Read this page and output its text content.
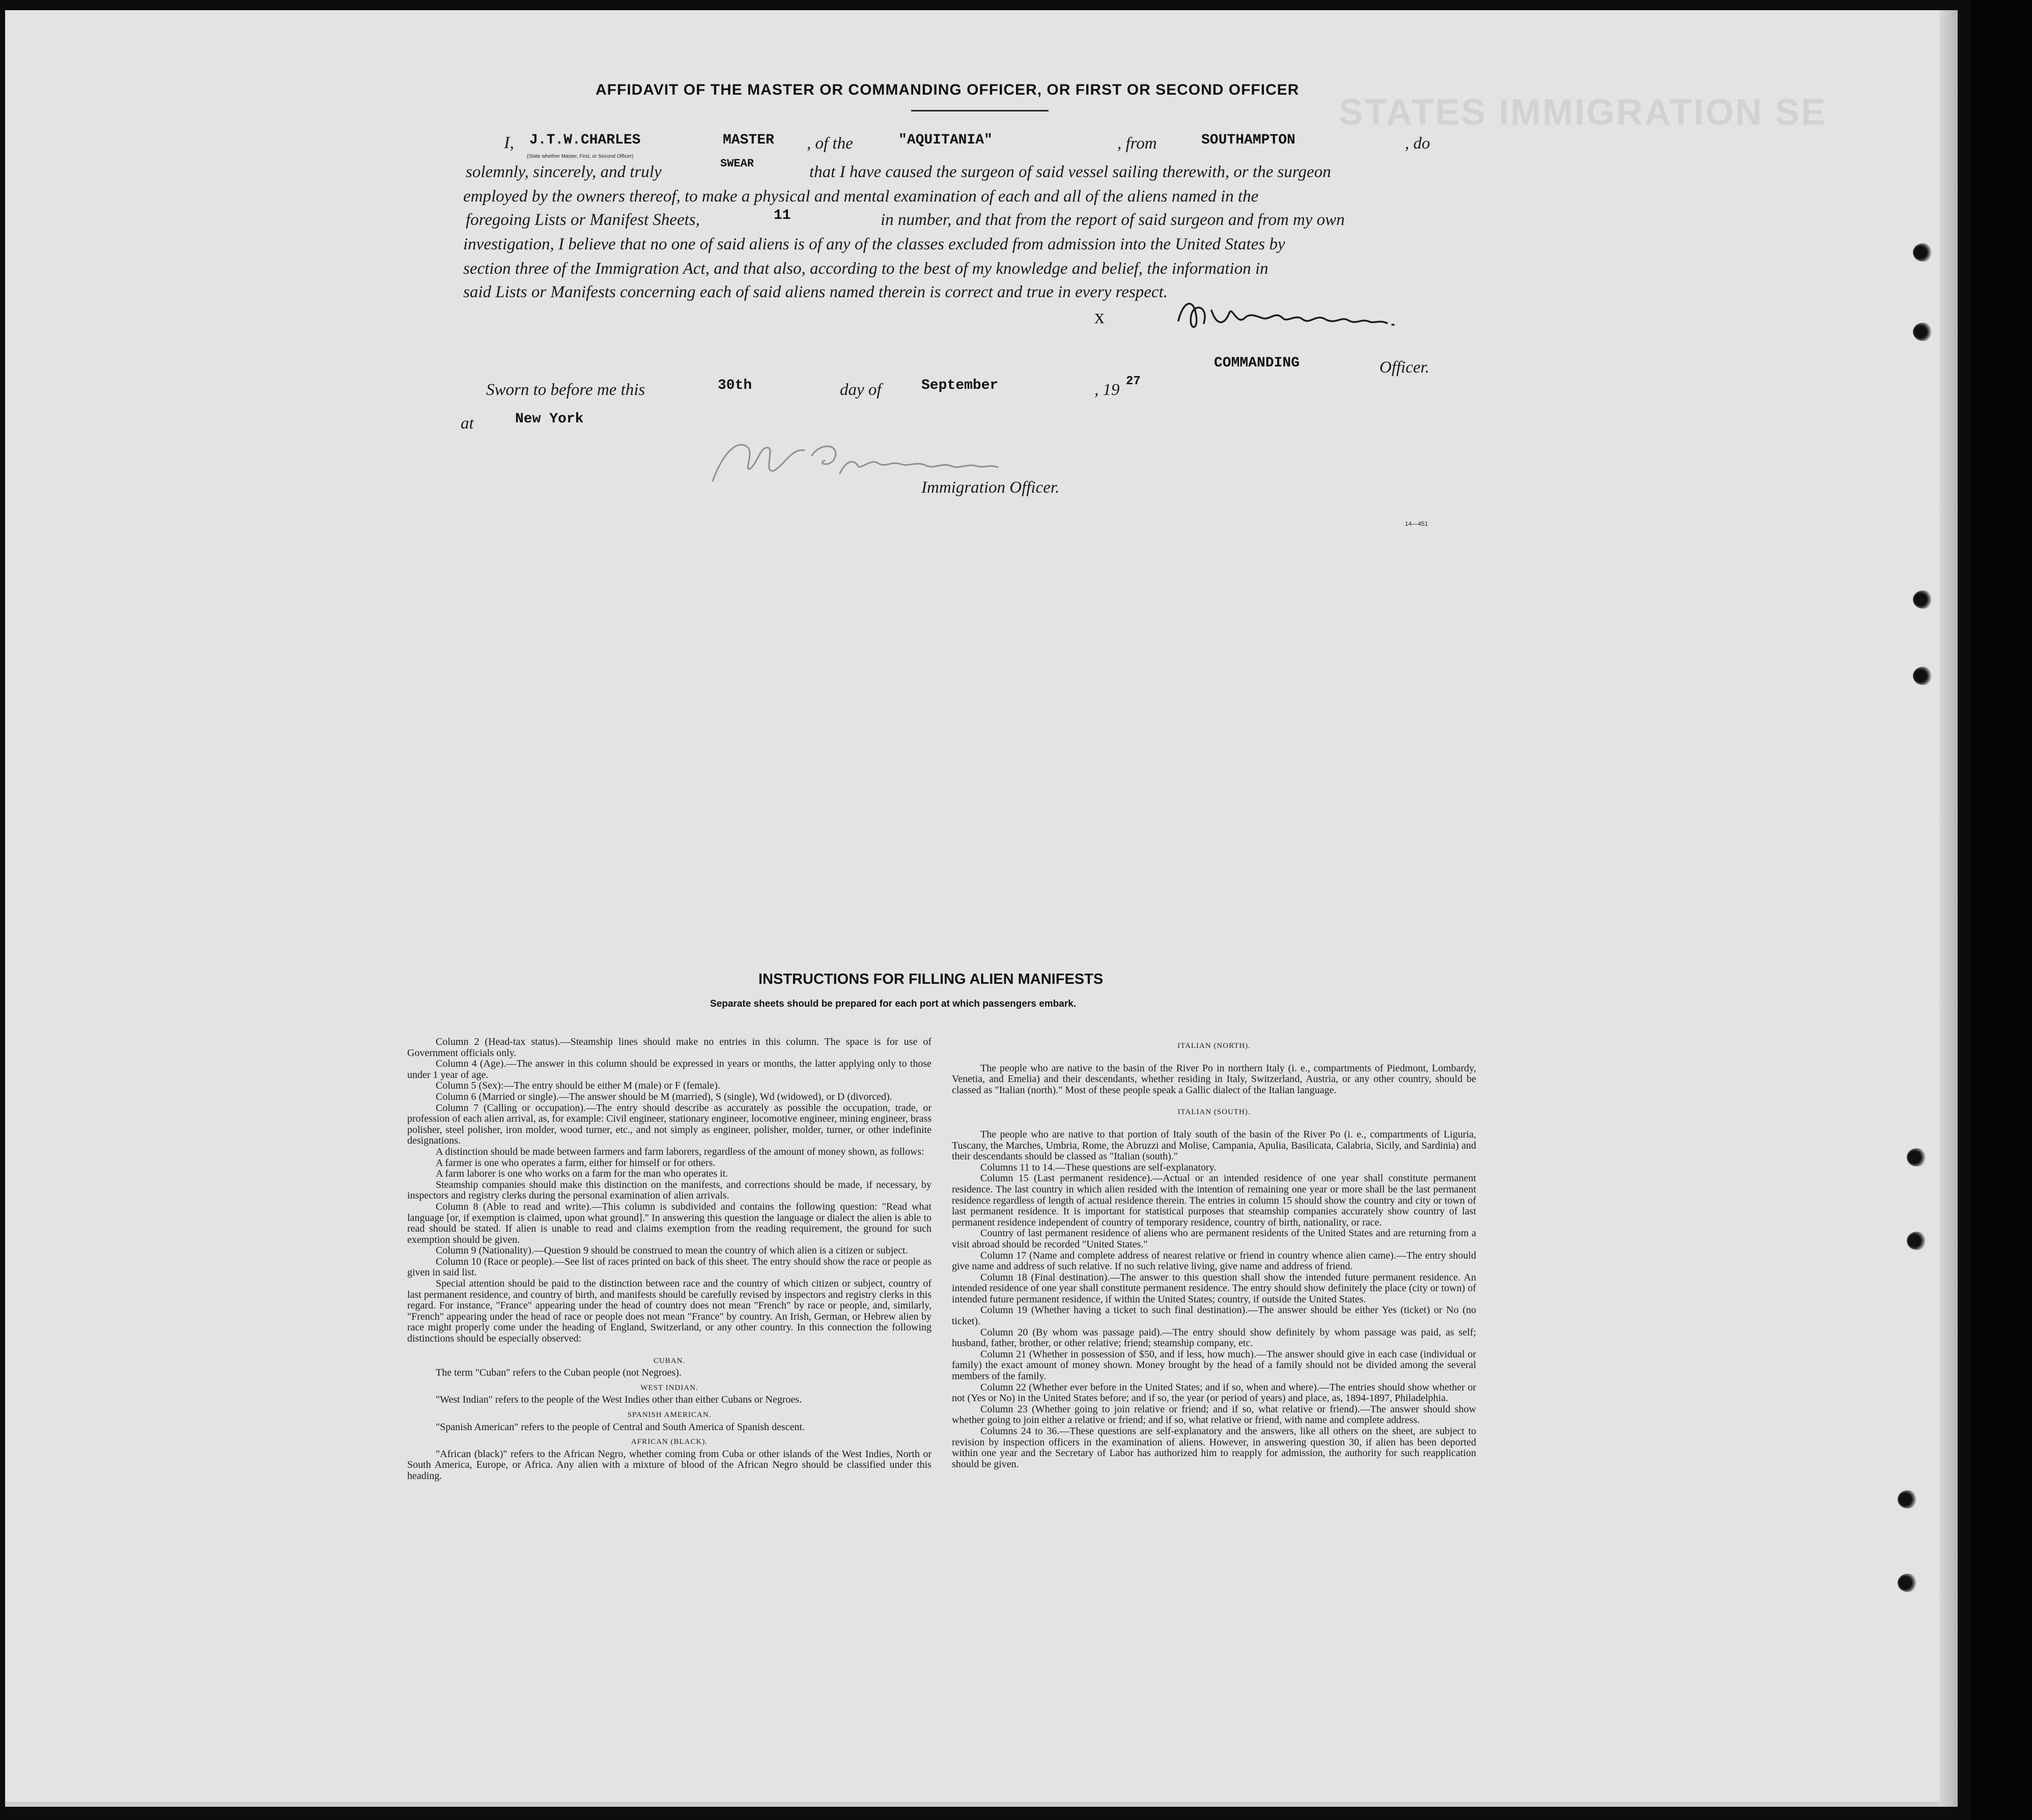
STATES IMMIGRATION SE
AFFIDAVIT OF THE MASTER OR COMMANDING OFFICER, OR FIRST OR SECOND OFFICER
I, J.T.W.CHARLES	MASTER , of the	"AQUITANIA"	, from	SOUTHAMPTON	, do
(State whether Master, First, or Second Officer)
solemnly, sincerely, and truly	SWEAR	that I have caused the surgeon of said vessel sailing therewith, or the surgeon
employed by the owners thereof, to make a physical and mental examination of each and all of the aliens named in the
foregoing Lists or Manifest Sheets,	11	in number, and that from the report of said surgeon and from my own
investigation, I believe that no one of said aliens is of any of the classes excluded from admission into the United States by
section three of the Immigration Act, and that also, according to the best of my knowledge and belief, the information in
said Lists or Manifests concerning each of said aliens named therein is correct and true in every respect.
x
COMMANDING	Officer.
Sworn to before me this	30th	day of	September	, 19 27
at	New York
Immigration Officer.
14—451
INSTRUCTIONS FOR FILLING ALIEN MANIFESTS
Separate sheets should be prepared for each port at which passengers embark.

Column 2 (Head-tax status).—Steamship lines should make no entries in this column. The space is for use of Government officials only.

Column 4 (Age).—The answer in this column should be expressed in years or months, the latter applying only to those under 1 year of age.

Column 5 (Sex):—The entry should be either M (male) or F (female).

Column 6 (Married or single).—The answer should be M (married), S (single), Wd (widowed), or D (divorced).

Column 7 (Calling or occupation).—The entry should describe as accurately as possible the occupation, trade, or profession of each alien arrival, as, for example: Civil engineer, stationary engineer, locomotive engineer, mining engineer, brass polisher, steel polisher, iron molder, wood turner, etc., and not simply as engineer, polisher, molder, turner, or other indefinite designations.

A distinction should be made between farmers and farm laborers, regardless of the amount of money shown, as follows:

A farmer is one who operates a farm, either for himself or for others.

A farm laborer is one who works on a farm for the man who operates it.

Steamship companies should make this distinction on the manifests, and corrections should be made, if necessary, by inspectors and registry clerks during the personal examination of alien arrivals.

Column 8 (Able to read and write).—This column is subdivided and contains the following question: "Read what language [or, if exemption is claimed, upon what ground]." In answering this question the language or dialect the alien is able to read should be stated. If alien is unable to read and claims exemption from the reading requirement, the ground for such exemption should be given.

Column 9 (Nationality).—Question 9 should be construed to mean the country of which alien is a citizen or subject.

Column 10 (Race or people).—See list of races printed on back of this sheet. The entry should show the race or people as given in said list.

Special attention should be paid to the distinction between race and the country of which citizen or subject, country of last permanent residence, and country of birth, and manifests should be carefully revised by inspectors and registry clerks in this regard. For instance, "France" appearing under the head of country does not mean "French" by race or people, and, similarly, "French" appearing under the head of race or people does not mean "France" by country. An Irish, German, or Hebrew alien by race might properly come under the heading of England, Switzerland, or any other country. In this connection the following distinctions should be especially observed:

CUBAN.

The term "Cuban" refers to the Cuban people (not Negroes).

WEST INDIAN.

"West Indian" refers to the people of the West Indies other than either Cubans or Negroes.

SPANISH AMERICAN.

"Spanish American" refers to the people of Central and South America of Spanish descent.

AFRICAN (BLACK).

"African (black)" refers to the African Negro, whether coming from Cuba or other islands of the West Indies, North or South America, Europe, or Africa. Any alien with a mixture of blood of the African Negro should be classified under this heading.

ITALIAN (NORTH).

The people who are native to the basin of the River Po in northern Italy (i. e., compartments of Piedmont, Lombardy, Venetia, and Emelia) and their descendants, whether residing in Italy, Switzerland, Austria, or any other country, should be classed as "Italian (north)." Most of these people speak a Gallic dialect of the Italian language.

ITALIAN (SOUTH).

The people who are native to that portion of Italy south of the basin of the River Po (i. e., compartments of Liguria, Tuscany, the Marches, Umbria, Rome, the Abruzzi and Molise, Campania, Apulia, Basilicata, Calabria, Sicily, and Sardinia) and their descendants should be classed as "Italian (south)."

Columns 11 to 14.—These questions are self-explanatory.

Column 15 (Last permanent residence).—Actual or an intended residence of one year shall constitute permanent residence. The last country in which alien resided with the intention of remaining one year or more shall be the last permanent residence regardless of length of actual residence therein. The entries in column 15 should show the country and city or town of last permanent residence. It is important for statistical purposes that steamship companies accurately show country of last permanent residence independent of country of temporary residence, country of birth, nationality, or race.

Country of last permanent residence of aliens who are permanent residents of the United States and are returning from a visit abroad should be recorded "United States."

Column 17 (Name and complete address of nearest relative or friend in country whence alien came).—The entry should give name and address of such relative. If no such relative living, give name and address of friend.

Column 18 (Final destination).—The answer to this question shall show the intended future permanent residence. An intended residence of one year shall constitute permanent residence. The entry should show definitely the place (city or town) of intended future permanent residence, if within the United States; country, if outside the United States.

Column 19 (Whether having a ticket to such final destination).—The answer should be either Yes (ticket) or No (no ticket).

Column 20 (By whom was passage paid).—The entry should show definitely by whom passage was paid, as self; husband, father, brother, or other relative; friend; steamship company, etc.

Column 21 (Whether in possession of $50, and if less, how much).—The answer should give in each case (individual or family) the exact amount of money shown. Money brought by the head of a family should not be divided among the several members of the family.

Column 22 (Whether ever before in the United States; and if so, when and where).—The entries should show whether or not (Yes or No) in the United States before; and if so, the year (or period of years) and place, as, 1894-1897, Philadelphia.

Column 23 (Whether going to join relative or friend; and if so, what relative or friend).—The answer should show whether going to join either a relative or friend; and if so, what relative or friend, with name and complete address.

Columns 24 to 36.—These questions are self-explanatory and the answers, like all others on the sheet, are subject to revision by inspection officers in the examination of aliens. However, in answering question 30, if alien has been deported within one year and the Secretary of Labor has authorized him to reapply for admission, the authority for such reapplication should be given.
